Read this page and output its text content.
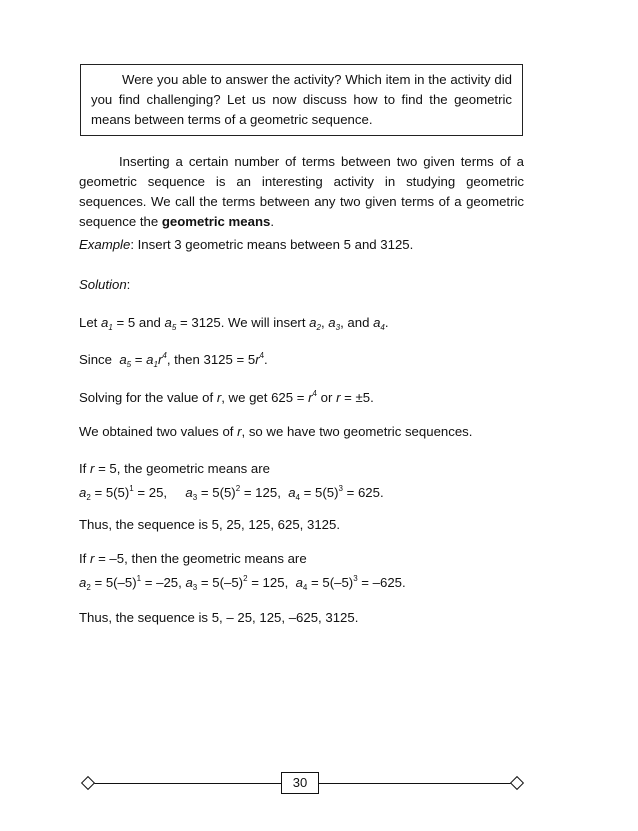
Were you able to answer the activity? Which item in the activity did you find challenging? Let us now discuss how to find the geometric means between terms of a geometric sequence.

Inserting a certain number of terms between two given terms of a geometric sequence is an interesting activity in studying geometric sequences. We call the terms between any two given terms of a geometric sequence the geometric means.

Example: Insert 3 geometric means between 5 and 3125.
Solution:
Let $a_1 = 5$ and $a_5 = 3125$. We will insert $a_2$, $a_3$, and $a_4$.
Since $a_5 = a_1r^4$, then $3125 = 5r^4$.
Solving for the value of r, we get $625 = r^4$ or r = ±5.
We obtained two values of r, so we have two geometric sequences.
If r = 5, the geometric means are
$a_2 = 5(5)^1 = 25$,     $a_3 = 5(5)^2 = 125$,  $a_4 = 5(5)^3 = 625$.
Thus, the sequence is 5, 25, 125, 625, 3125.
If r = –5, then the geometric means are
$a_2 = 5(-5)^1 = -25$, $a_3 = 5(-5)^2 = 125$,  $a_4 = 5(-5)^3 = -625$.
Thus, the sequence is 5, – 25, 125, –625, 3125.
30
